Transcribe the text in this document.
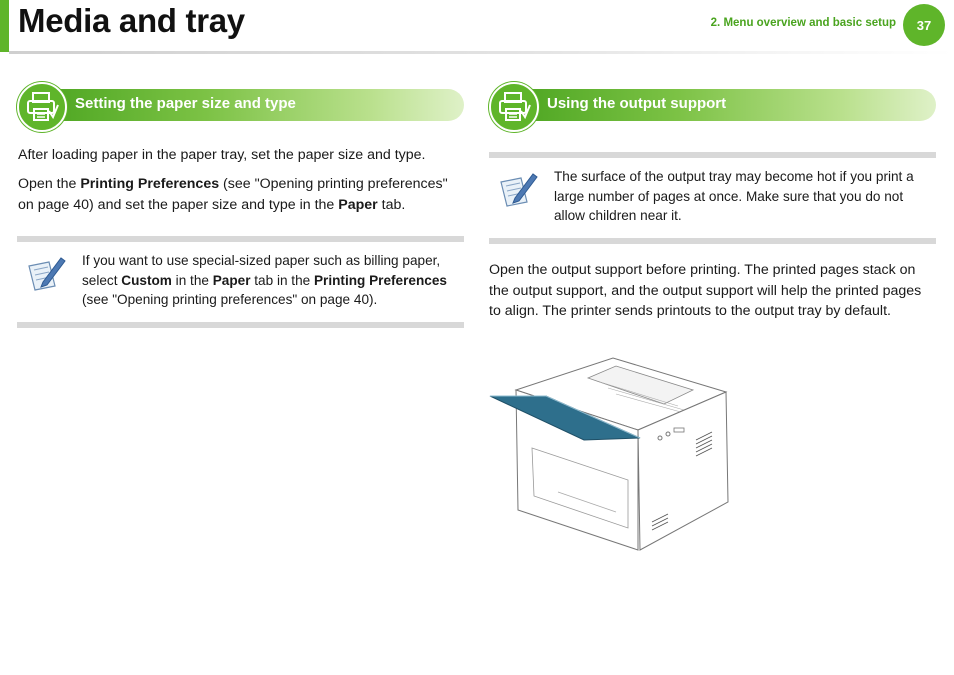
Media and tray	2. Menu overview and basic setup	37
Setting the paper size and type

After loading paper in the paper tray, set the paper size and type.

Open the Printing Preferences (see "Opening printing preferences" on page 40) and set the paper size and type in the Paper tab.

If you want to use special-sized paper such as billing paper, select Custom in the Paper tab in the Printing Preferences (see "Opening printing preferences" on page 40).

Using the output support

The surface of the output tray may become hot if you print a large number of pages at once. Make sure that you do not allow children near it.

Open the output support before printing. The printed pages stack on the output support, and the output support will help the printed pages to align. The printer sends printouts to the output tray by default.
